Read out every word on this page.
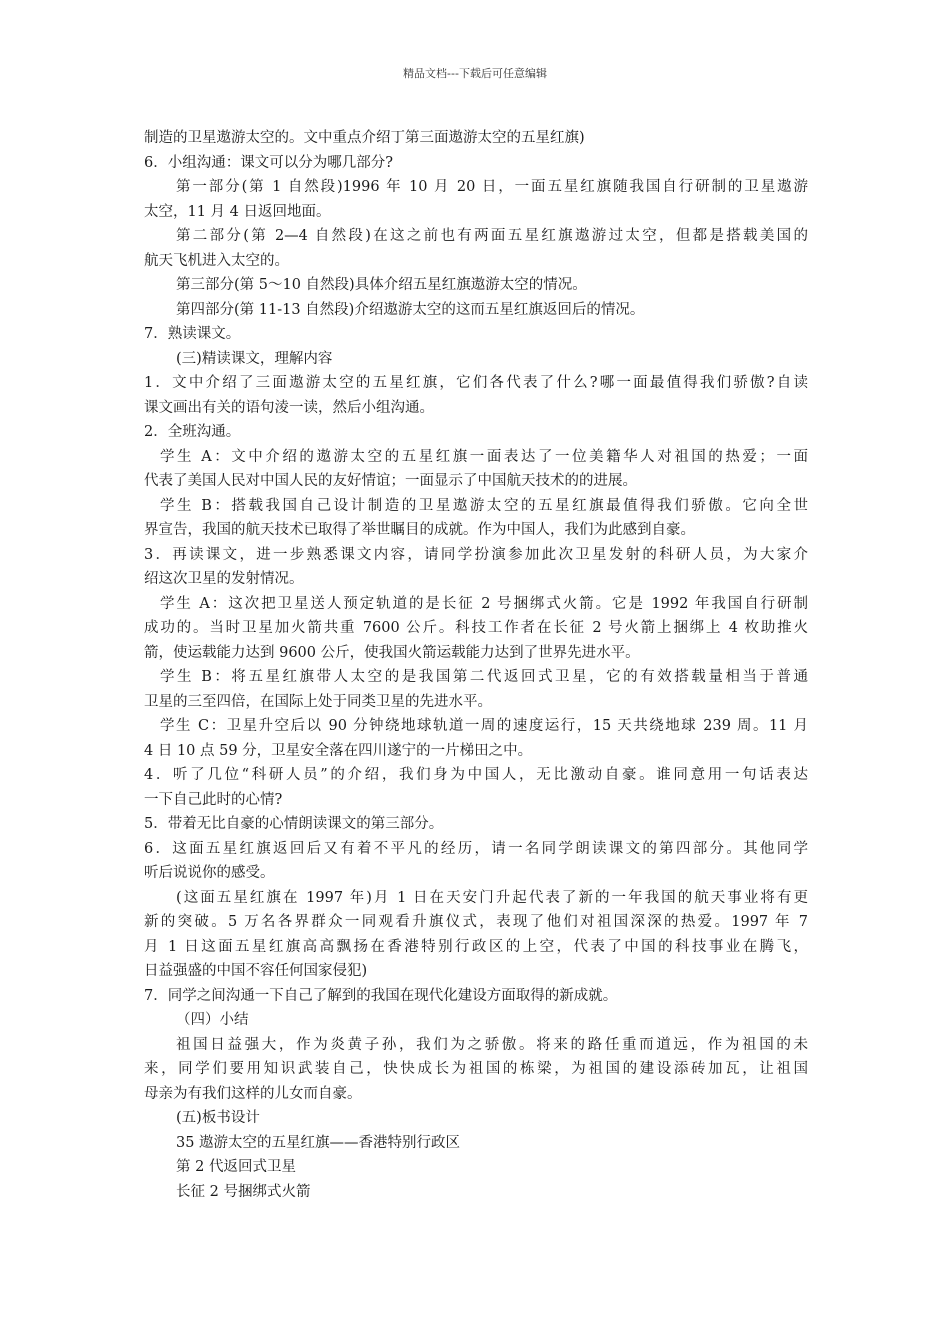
精品文档---下载后可任意编辑
制造的卫星遨游太空的。文中重点介绍丁第三面遨游太空的五星红旗)
6．小组沟通：课文可以分为哪几部分?
第一部分(第 1 自然段)1996 年 10 月 20 日，一面五星红旗随我国自行研制的卫星遨游
太空，11 月 4 日返回地面。
第二部分(第 2—4 自然段)在这之前也有两面五星红旗遨游过太空，但都是搭载美国的
航天飞机进入太空的。
第三部分(第 5～10 自然段)具体介绍五星红旗遨游太空的情况。
第四部分(第 11-13 自然段)介绍遨游太空的这而五星红旗返回后的情况。
7．熟读课文。
(三)精读课文，理解内容
1．文中介绍了三面遨游太空的五星红旗，它们各代表了什么?哪一面最值得我们骄傲?自读
课文画出有关的语句淩一读，然后小组沟通。
2．全班沟通。
学生 A：文中介绍的遨游太空的五星红旗一面表达了一位美籍华人对祖国的热爱；一面
代表了美国人民对中国人民的友好情谊；一面显示了中国航天技术的的进展。
学生 B：搭载我国自己设计制造的卫星遨游太空的五星红旗最值得我们骄傲。它向全世
界宣告，我国的航天技术已取得了举世瞩目的成就。作为中国人，我们为此感到自豪。
3．再读课文，进一步熟悉课文内容，请同学扮演参加此次卫星发射的科研人员，为大家介
绍这次卫星的发射情况。
学生 A：这次把卫星送人预定轨道的是长征 2 号捆绑式火箭。它是 1992 年我国自行研制
成功的。当时卫星加火箭共重 7600 公斤。科技工作者在长征 2 号火箭上捆绑上 4 枚助推火
箭，使运载能力达到 9600 公斤，使我国火箭运载能力达到了世界先进水平。
学生 B：将五星红旗带人太空的是我国第二代返回式卫星，它的有效搭载量相当于普通
卫星的三至四倍，在国际上处于同类卫星的先进水平。
学生 C：卫星升空后以 90 分钟绕地球轨道一周的速度运行，15 天共绕地球 239 周。11 月
4 日 10 点 59 分，卫星安全落在四川遂宁的一片梯田之中。
4．听了几位“科研人员”的介绍，我们身为中国人，无比激动自豪。谁同意用一句话表达
一下自己此时的心情?
5．带着无比自豪的心情朗读课文的第三部分。
6．这面五星红旗返回后又有着不平凡的经历，请一名同学朗读课文的第四部分。其他同学
听后说说你的感受。
(这面五星红旗在 1997 年)月 1 日在天安门升起代表了新的一年我国的航天事业将有更
新的突破。5 万名各界群众一同观看升旗仪式，表现了他们对祖国深深的热爱。1997 年 7
月 1 日这面五星红旗高高飘扬在香港特别行政区的上空，代表了中国的科技事业在腾飞，
日益强盛的中国不容任何国家侵犯)
7．同学之间沟通一下自己了解到的我国在现代化建设方面取得的新成就。
（四）小结
祖国日益强大，作为炎黄子孙，我们为之骄傲。将来的路任重而道远，作为祖国的未
来，同学们要用知识武装自己，快快成长为祖国的栋梁，为祖国的建设添砖加瓦，让祖国
母亲为有我们这样的儿女而自豪。
(五)板书设计
35 遨游太空的五星红旗——香港特别行政区
第 2 代返回式卫星
长征 2 号捆绑式火箭
